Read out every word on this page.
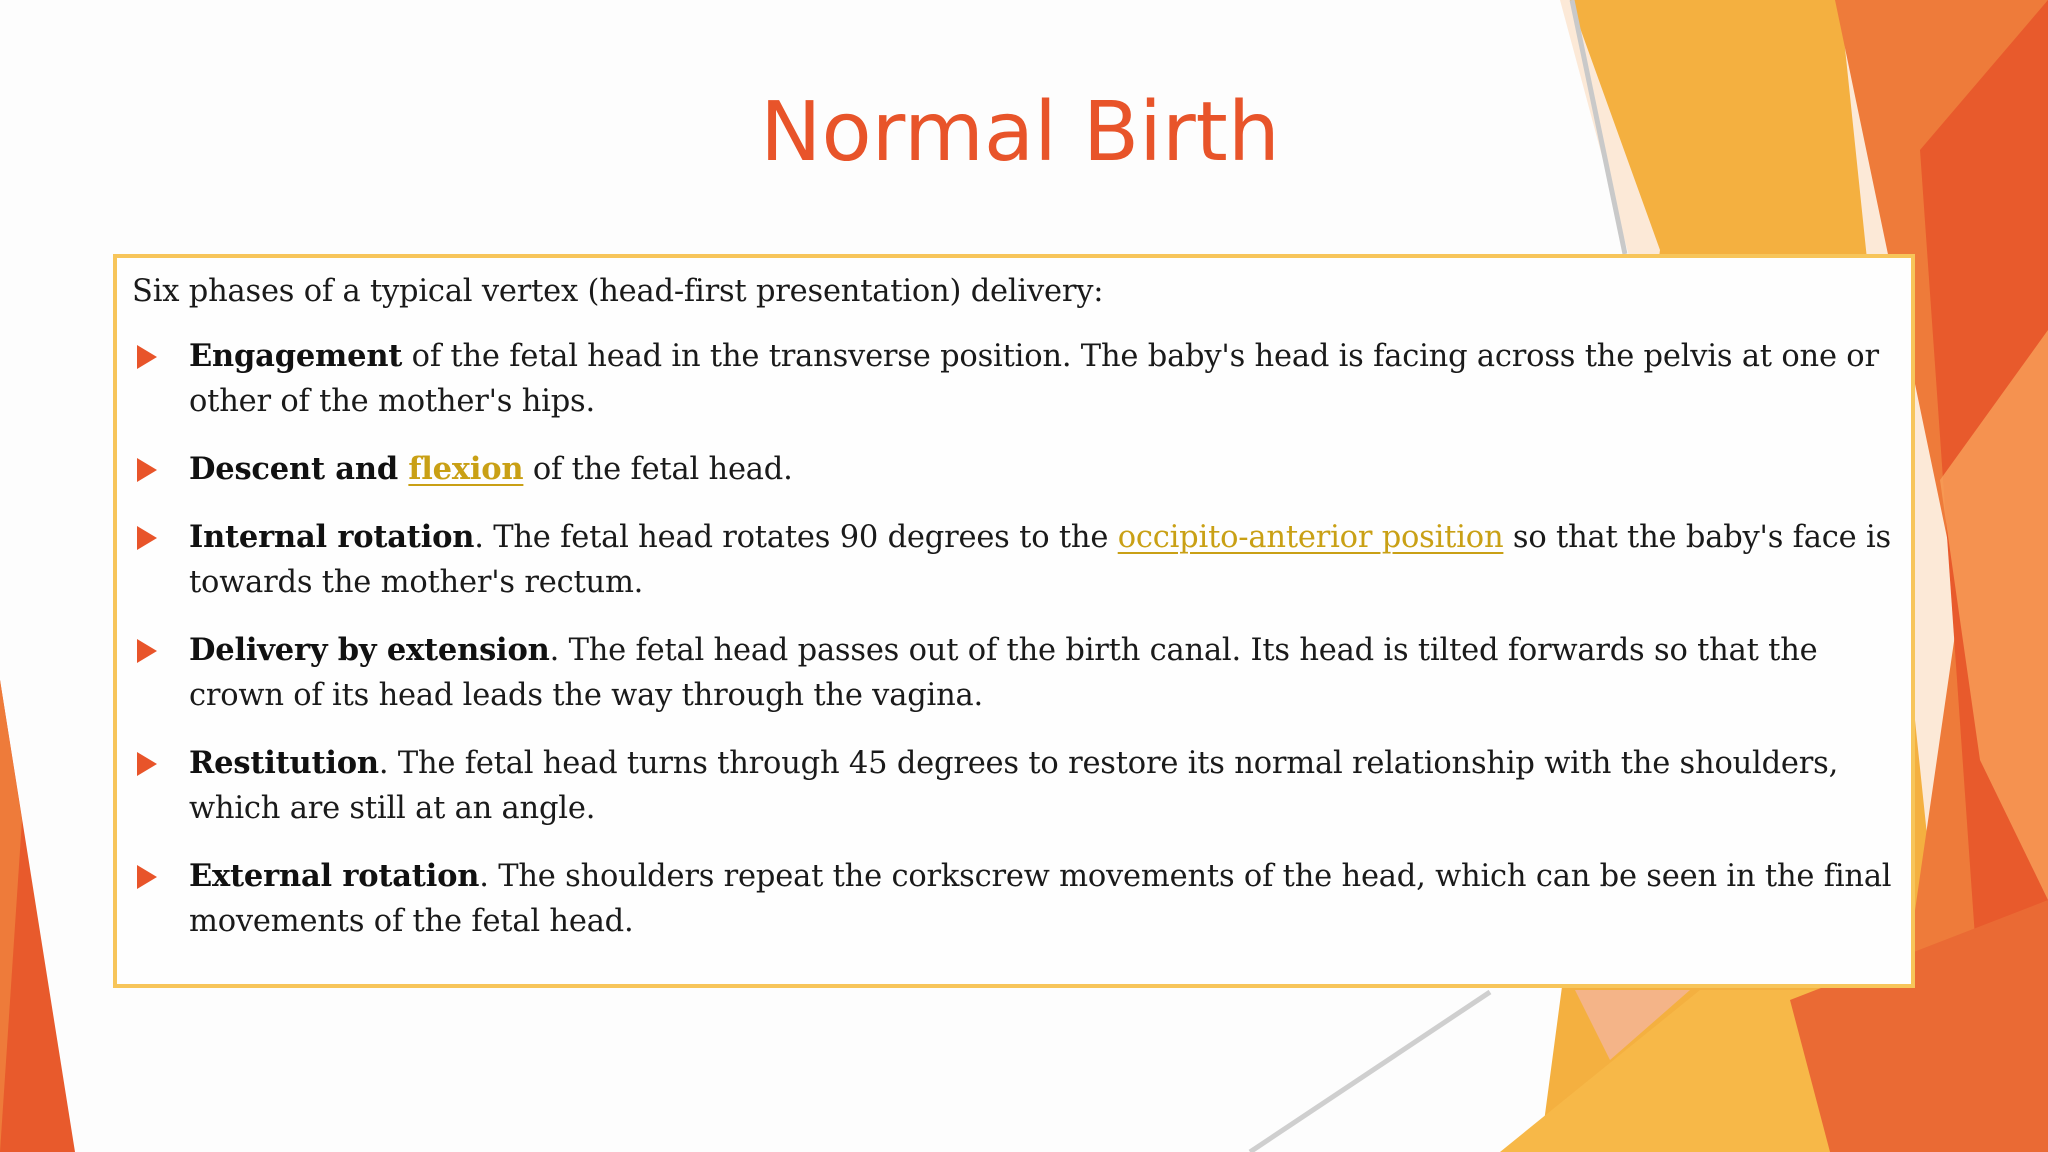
Normal Birth

Six phases of a typical vertex (head-first presentation) delivery:

Engagement of the fetal head in the transverse position. The baby's head is facing across the pelvis at one or other of the mother's hips.
Descent and flexion of the fetal head.
Internal rotation. The fetal head rotates 90 degrees to the occipito-anterior position so that the baby's face is towards the mother's rectum.
Delivery by extension. The fetal head passes out of the birth canal. Its head is tilted forwards so that the crown of its head leads the way through the vagina.
Restitution. The fetal head turns through 45 degrees to restore its normal relationship with the shoulders, which are still at an angle.
External rotation. The shoulders repeat the corkscrew movements of the head, which can be seen in the final movements of the fetal head.
